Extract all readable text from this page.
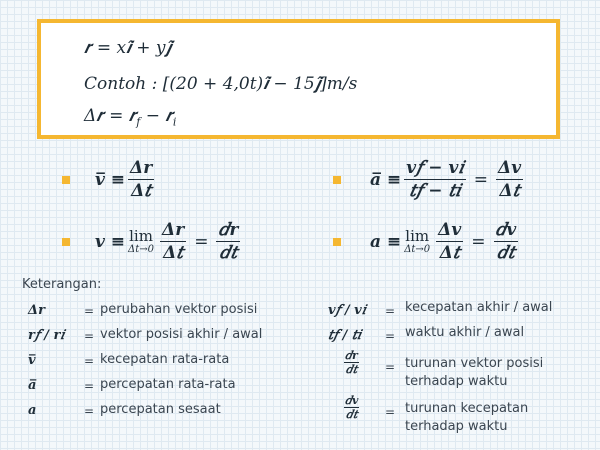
𝒓 = 𝑥𝒊̂ + 𝑦𝒋̂
𝐶𝑜𝑛𝑡𝑜ℎ : [(20 + 4,0𝑡)𝒊̂ − 15𝒋̂]𝑚/𝑠
Δ𝒓 = 𝒓$_𝑓$ − 𝒓$_𝑖$
𝒗̅ ≡ $\frac{\text{Δ𝒓}}{\text{Δ𝑡}}$
𝒗 ≡ lim
Δ𝑡→0 $\frac{\text{Δ𝒓}}{\text{Δ𝑡}} = \frac{\text{𝑑𝒓}}{\text{𝑑𝑡}}$
𝒂̅ ≡ $\frac{\text{𝒗𝑓 − 𝒗𝑖}}{\text{𝑡𝑓 − 𝑡𝑖}} = \frac{\text{Δ𝒗}}{\text{Δ𝑡}}$
𝒂 ≡ lim
Δ𝑡→0 $\frac{\text{Δ𝒗}}{\text{Δ𝑡}} = \frac{\text{𝑑𝒗}}{\text{𝑑𝑡}}$
Keterangan:
Δ𝒓	= perubahan vektor posisi
𝒓𝑓 / 𝒓𝑖 = vektor posisi akhir / awal
𝒗̅	= kecepatan rata-rata
𝒂̅	= percepatan rata-rata
𝒂	= percepatan sesaat
𝒗𝑓 / 𝒗𝑖 = kecepatan akhir / awal
𝑡𝑓 / 𝑡𝑖 = waktu akhir / awal
𝑑𝒓
𝑑𝑡 = turunan vektor posisi
terhadap waktu
𝑑𝒗
𝑑𝑡 = turunan kecepatan
terhadap waktu
